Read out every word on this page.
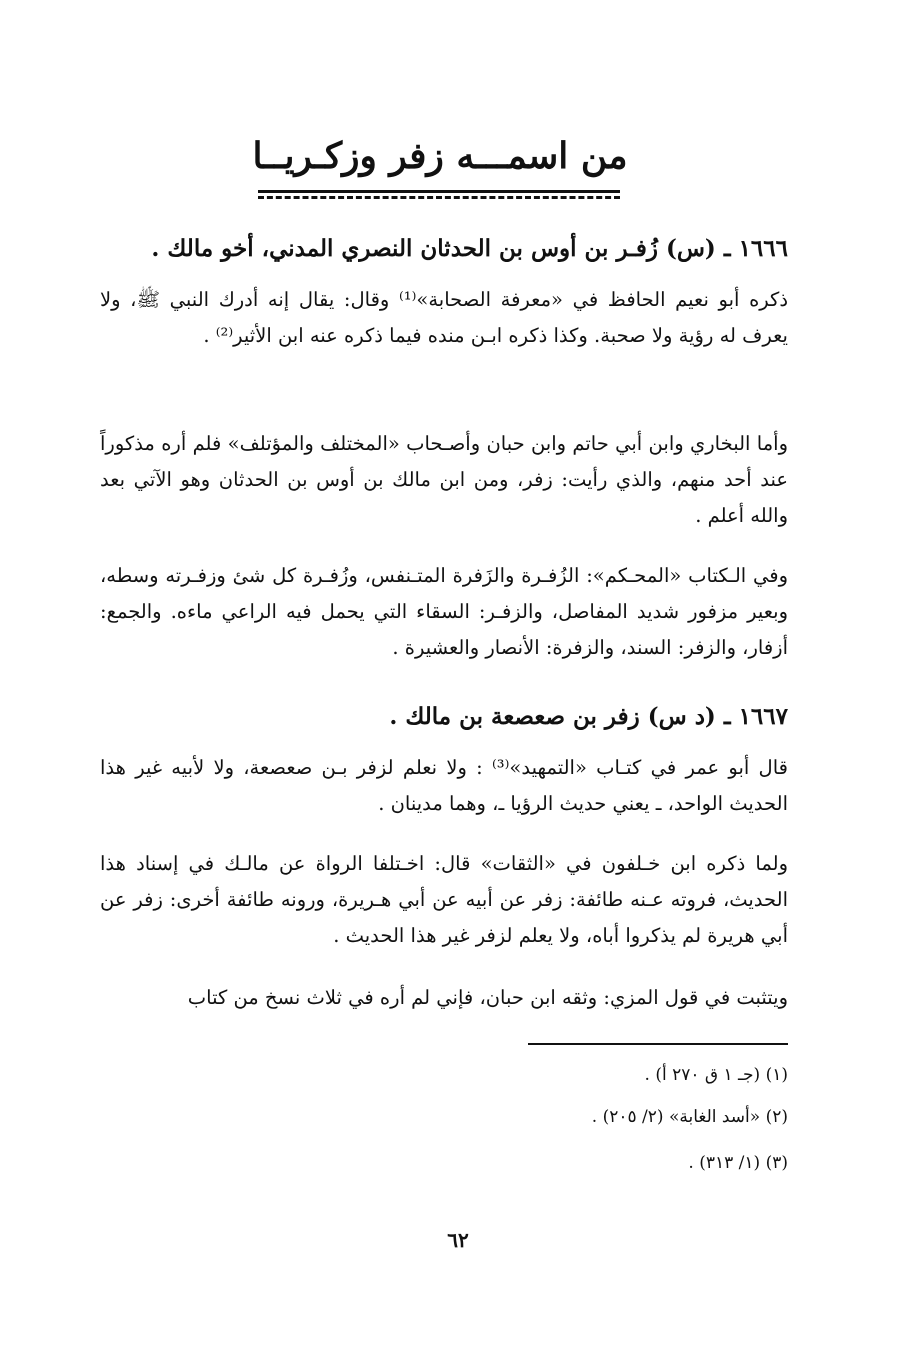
من اسمـــه زفر وزكـريــا

١٦٦٦ ـ (س) زُفـر بن أوس بن الحدثان النصري المدني، أخو مالك .

ذكره أبو نعيم الحافظ في «معرفة الصحابة»⁽¹⁾ وقال: يقال إنه أدرك النبي ﷺ، ولا يعرف له رؤية ولا صحبة. وكذا ذكره ابـن منده فيما ذكره عنه ابن الأثير⁽²⁾ .

وأما البخاري وابن أبي حاتم وابن حبان وأصـحاب «المختلف والمؤتلف» فلم أره مذكوراً عند أحد منهم، والذي رأيت: زفر، ومن ابن مالك بن أوس بن الحدثان وهو الآتي بعد والله أعلم .

وفي الـكتاب «المحـكم»: الزُفـرة والزَفرة المتـنفس، وزُفـرة كل شئ وزفـرته وسطه، وبعير مزفور شديد المفاصل، والزفـر: السقاء التي يحمل فيه الراعي ماءه. والجمع: أزفار، والزفر: السند، والزفرة: الأنصار والعشيرة .

١٦٦٧ ـ (د س) زفر بن صعصعة بن مالك .

قال أبو عمر في كتـاب «التمهيد»⁽³⁾ : ولا نعلم لزفر بـن صعصعة، ولا لأبيه غير هذا الحديث الواحد، ـ يعني حديث الرؤيا ـ، وهما مدينان .

ولما ذكره ابن خـلفون في «الثقات» قال: اخـتلفا الرواة عن مالـك في إسناد هذا الحديث، فروته عـنه طائفة: زفر عن أبيه عن أبي هـريرة، ورونه طائفة أخرى: زفر عن أبي هريرة لم يذكروا أباه، ولا يعلم لزفر غير هذا الحديث .

ويتثبت في قول المزي: وثقه ابن حبان، فإني لم أره في ثلاث نسخ من كتاب

(١) (جـ ١ ق ٢٧٠ أ) .

(٢) «أسد الغابة» (٢/ ٢٠٥) .

(٣) (١/ ٣١٣) .

٦٢
